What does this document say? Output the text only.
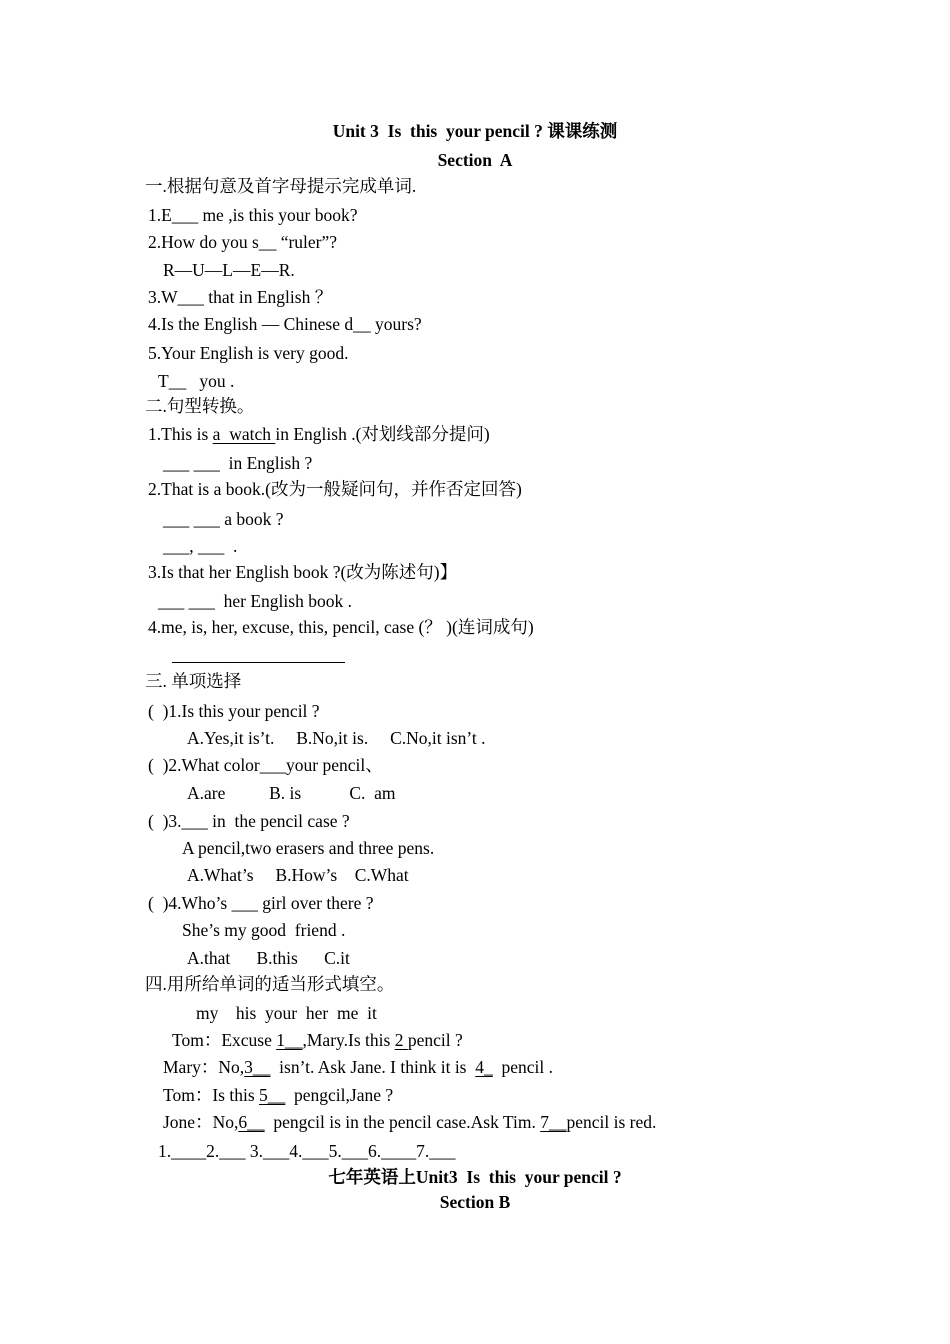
Unit 3  Is  this  your pencil ? 课课练测
Section  A
一.根据句意及首字母提示完成单词.
1.E___ me ,is this your book?
2.How do you s__ “ruler”?
R—U—L—E—R.
3.W___ that in English ？
4.Is the English — Chinese d__ yours?
5.Your English is very good.
T__   you .
二.句型转换。
1.This is a  watch in English .(对划线部分提问)
___ ___  in English ?
2.That is a book.(改为一般疑问句，并作否定回答)
___ ___ a book ?
___, ___  .
3.Is that her English book ?(改为陈述句)】
___ ___  her English book .
4.me, is, her, excuse, this, pencil, case (？ )(连词成句)
三. 单项选择
(  )1.Is this your pencil ?
A.Yes,it is’t.     B.No,it is.     C.No,it isn’t .
(  )2.What color___your pencil、
A.are          B. is           C.  am
(  )3.___ in  the pencil case ?
A pencil,two erasers and three pens.
A.What’s     B.How’s    C.What
(  )4.Who’s ___ girl over there ?
She’s my good  friend .
A.that      B.this      C.it
四.用所给单词的适当形式填空。
my    his  your  her  me  it
Tom：Excuse 1__,Mary.Is this 2 pencil ?
Mary：No,3__  isn’t. Ask Jane. I think it is  4_  pencil .
Tom：Is this 5__  pengcil,Jane ?
Jone：No,6__  pengcil is in the pencil case.Ask Tim. 7__pencil is red.
1.____2.___ 3.___4.___5.___6.____7.___
七年英语上Unit3  Is  this  your pencil ?
Section B
